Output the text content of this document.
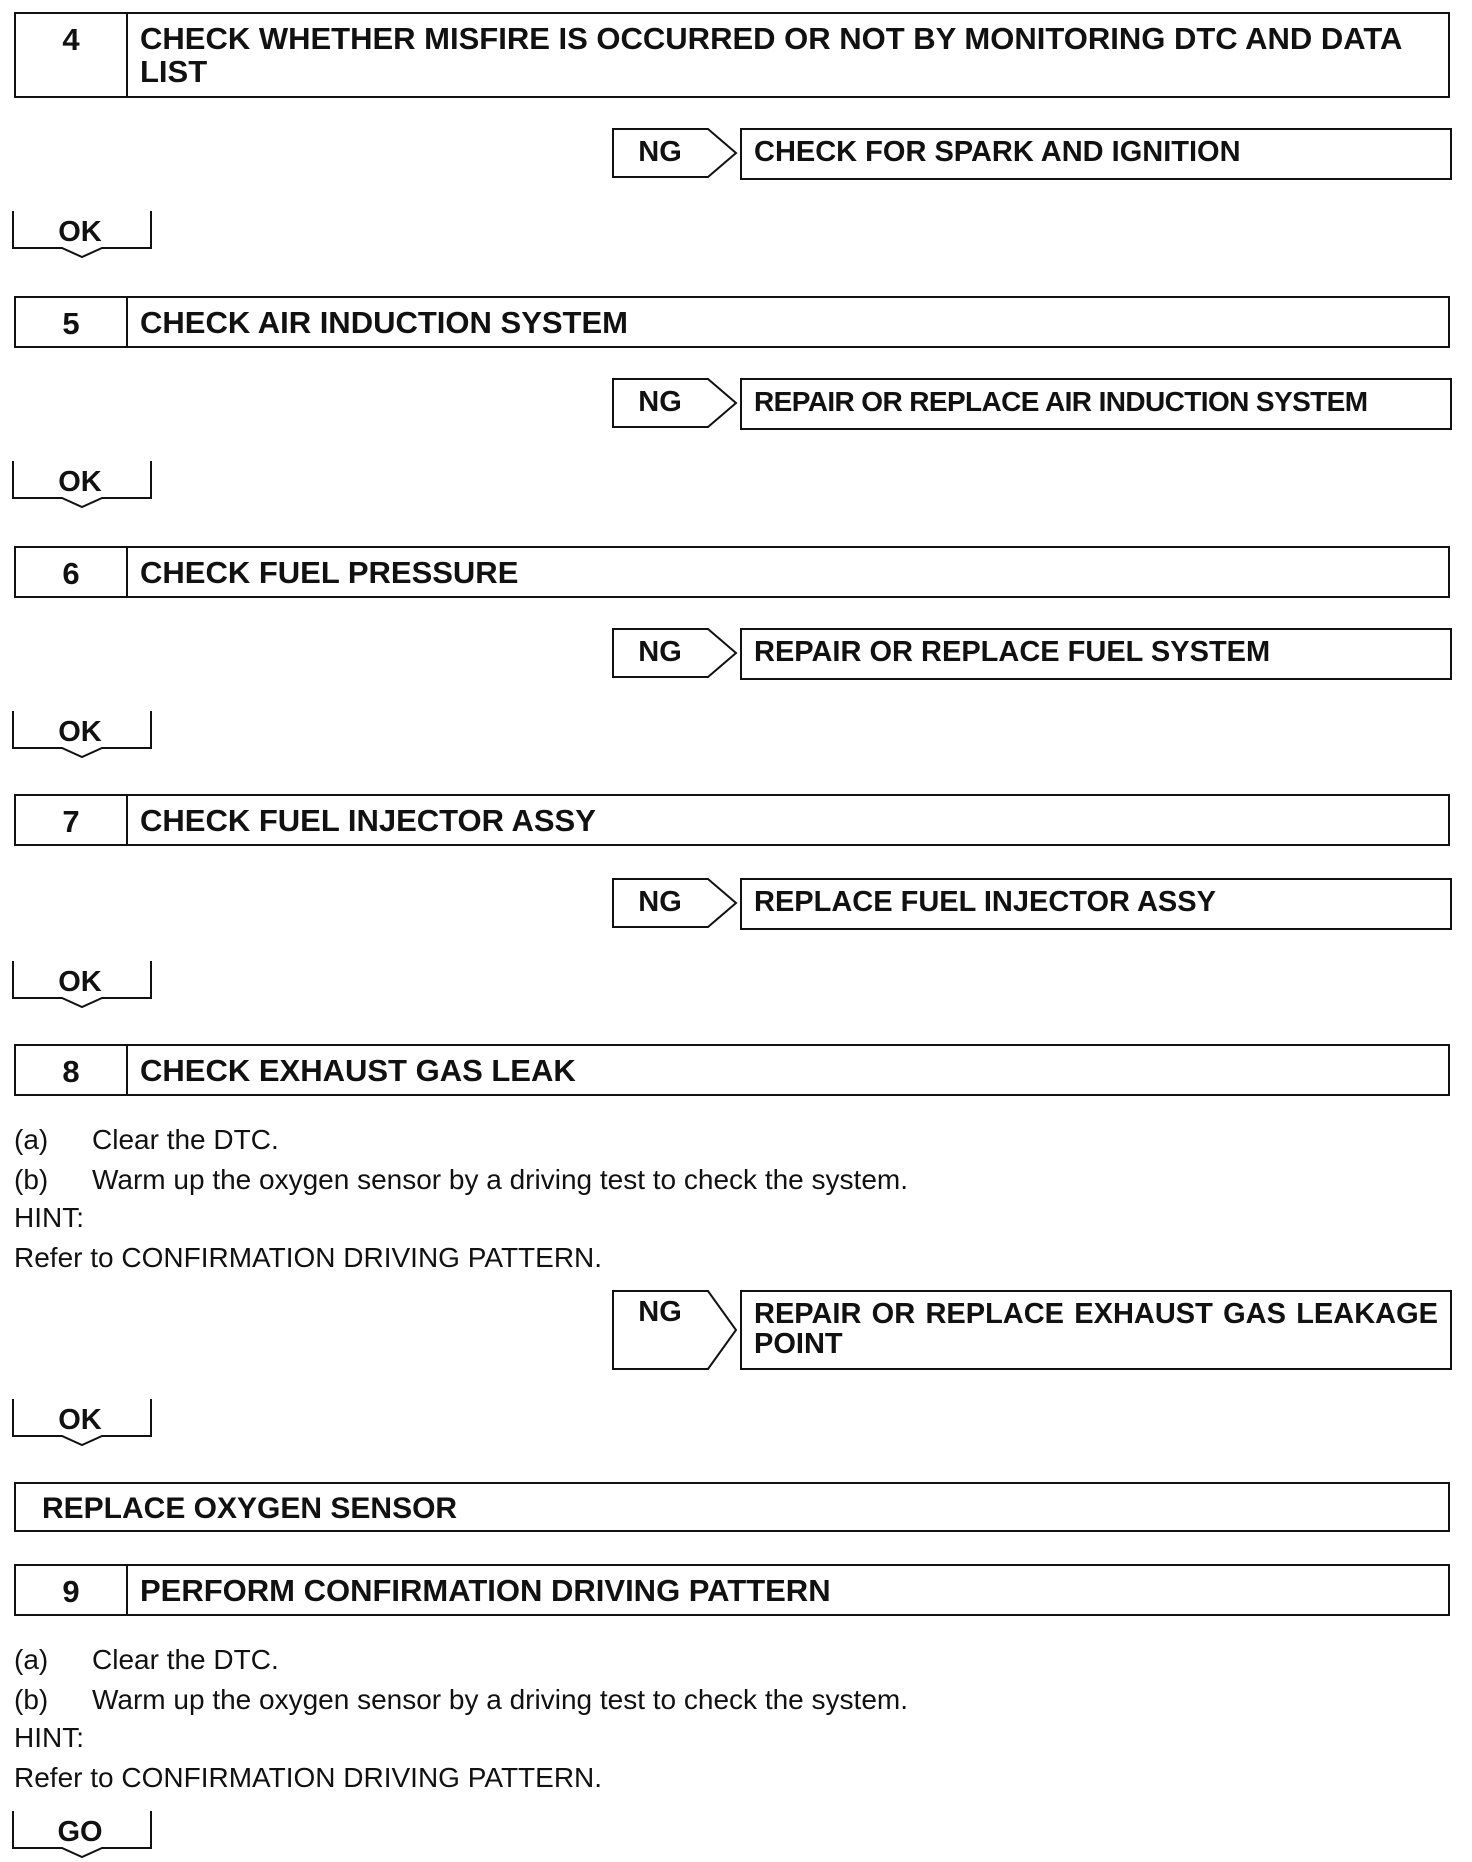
4	CHECK WHETHER MISFIRE IS OCCURRED OR NOT BY MONITORING DTC AND DATA LIST
NG	CHECK FOR SPARK AND IGNITION
OK
5	CHECK AIR INDUCTION SYSTEM
NG	REPAIR OR REPLACE AIR INDUCTION SYSTEM
OK
6	CHECK FUEL PRESSURE
NG	REPAIR OR REPLACE FUEL SYSTEM
OK
7	CHECK FUEL INJECTOR ASSY
NG	REPLACE FUEL INJECTOR ASSY
OK
8	CHECK EXHAUST GAS LEAK
(a) Clear the DTC.
(b) Warm up the oxygen sensor by a driving test to check the system.
HINT:
Refer to CONFIRMATION DRIVING PATTERN.
NG	REPAIR OR REPLACE EXHAUST GAS LEAKAGE POINT
OK
REPLACE OXYGEN SENSOR
9	PERFORM CONFIRMATION DRIVING PATTERN
(a) Clear the DTC.
(b) Warm up the oxygen sensor by a driving test to check the system.
HINT:
Refer to CONFIRMATION DRIVING PATTERN.
GO
